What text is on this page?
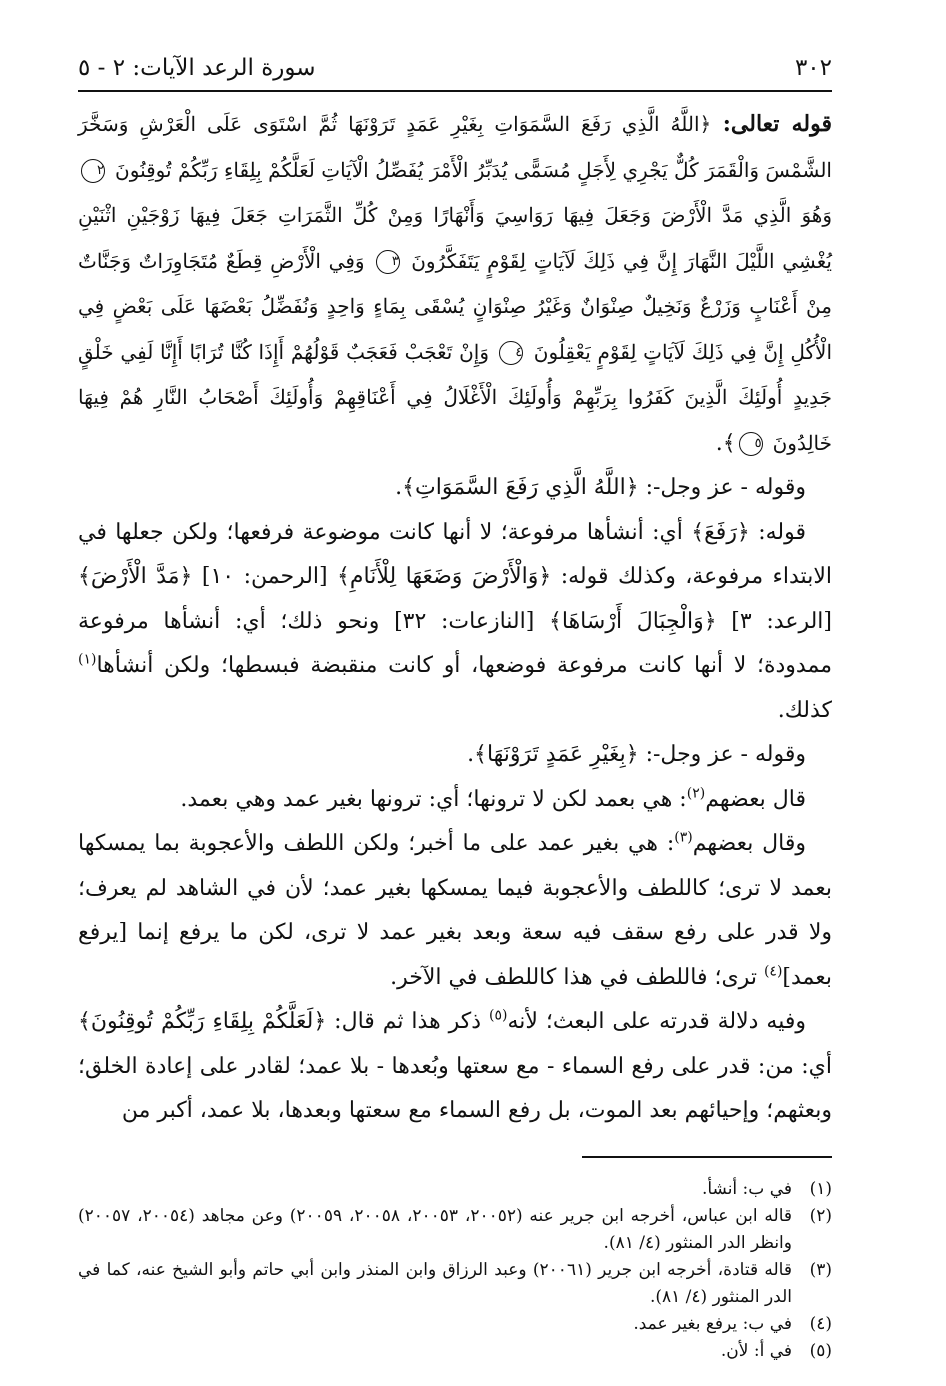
٣٠٢
سورة الرعد الآيات: ٢ - ٥

قوله تعالى: ﴿اللَّهُ الَّذِي رَفَعَ السَّمَوَاتِ بِغَيْرِ عَمَدٍ تَرَوْنَهَا ثُمَّ اسْتَوَى عَلَى الْعَرْشِ وَسَخَّرَ الشَّمْسَ وَالْقَمَرَ كُلٌّ يَجْرِي لِأَجَلٍ مُسَمًّى يُدَبِّرُ الْأَمْرَ يُفَصِّلُ الْآيَاتِ لَعَلَّكُمْ بِلِقَاءِ رَبِّكُمْ تُوقِنُونَ ٢ وَهُوَ الَّذِي مَدَّ الْأَرْضَ وَجَعَلَ فِيهَا رَوَاسِيَ وَأَنْهَارًا وَمِنْ كُلِّ الثَّمَرَاتِ جَعَلَ فِيهَا زَوْجَيْنِ اثْنَيْنِ يُغْشِي اللَّيْلَ النَّهَارَ إِنَّ فِي ذَلِكَ لَآيَاتٍ لِقَوْمٍ يَتَفَكَّرُونَ ٣ وَفِي الْأَرْضِ قِطَعٌ مُتَجَاوِرَاتٌ وَجَنَّاتٌ مِنْ أَعْنَابٍ وَزَرْعٌ وَنَخِيلٌ صِنْوَانٌ وَغَيْرُ صِنْوَانٍ يُسْقَى بِمَاءٍ وَاحِدٍ وَنُفَضِّلُ بَعْضَهَا عَلَى بَعْضٍ فِي الْأُكُلِ إِنَّ فِي ذَلِكَ لَآيَاتٍ لِقَوْمٍ يَعْقِلُونَ ٤ وَإِنْ تَعْجَبْ فَعَجَبٌ قَوْلُهُمْ أَإِذَا كُنَّا تُرَابًا أَإِنَّا لَفِي خَلْقٍ جَدِيدٍ أُولَئِكَ الَّذِينَ كَفَرُوا بِرَبِّهِمْ وَأُولَئِكَ الْأَغْلَالُ فِي أَعْنَاقِهِمْ وَأُولَئِكَ أَصْحَابُ النَّارِ هُمْ فِيهَا خَالِدُونَ ٥﴾.

وقوله - عز وجل-: ﴿اللَّهُ الَّذِي رَفَعَ السَّمَوَاتِ﴾.

قوله: ﴿رَفَعَ﴾ أي: أنشأها مرفوعة؛ لا أنها كانت موضوعة فرفعها؛ ولكن جعلها في الابتداء مرفوعة، وكذلك قوله: ﴿وَالْأَرْضَ وَضَعَهَا لِلْأَنَامِ﴾ [الرحمن: ١٠] ﴿مَدَّ الْأَرْضَ﴾ [الرعد: ٣] ﴿وَالْجِبَالَ أَرْسَاهَا﴾ [النازعات: ٣٢] ونحو ذلك؛ أي: أنشأها مرفوعة ممدودة؛ لا أنها كانت مرفوعة فوضعها، أو كانت منقبضة فبسطها؛ ولكن أنشأها$^{(١)}$ كذلك.

وقوله - عز وجل-: ﴿بِغَيْرِ عَمَدٍ تَرَوْنَهَا﴾.

قال بعضهم$^{(٢)}$: هي بعمد لكن لا ترونها؛ أي: ترونها بغير عمد وهي بعمد.

وقال بعضهم$^{(٣)}$: هي بغير عمد على ما أخبر؛ ولكن اللطف والأعجوبة بما يمسكها بعمد لا ترى؛ كاللطف والأعجوبة فيما يمسكها بغير عمد؛ لأن في الشاهد لم يعرف؛ ولا قدر على رفع سقف فيه سعة وبعد بغير عمد لا ترى، لكن ما يرفع إنما [يرفع بعمد]$^{(٤)}$ ترى؛ فاللطف في هذا كاللطف في الآخر.

وفيه دلالة قدرته على البعث؛ لأنه$^{(٥)}$ ذكر هذا ثم قال: ﴿لَعَلَّكُمْ بِلِقَاءِ رَبِّكُمْ تُوقِنُونَ﴾ أي: من: قدر على رفع السماء - مع سعتها وبُعدها - بلا عمد؛ لقادر على إعادة الخلق؛ وبعثهم؛ وإحيائهم بعد الموت، بل رفع السماء مع سعتها وبعدها، بلا عمد، أكبر من

(١)
في ب: أنشأ.
(٢)
قاله ابن عباس، أخرجه ابن جرير عنه (٢٠٠٥٢، ٢٠٠٥٣، ٢٠٠٥٨، ٢٠٠٥٩) وعن مجاهد (٢٠٠٥٤، ٢٠٠٥٧) وانظر الدر المنثور (٤/ ٨١).
(٣)
قاله قتادة، أخرجه ابن جرير (٢٠٠٦١) وعبد الرزاق وابن المنذر وابن أبي حاتم وأبو الشيخ عنه، كما في الدر المنثور (٤/ ٨١).
(٤)
في ب: يرفع بغير عمد.
(٥)
في أ: لأن.
